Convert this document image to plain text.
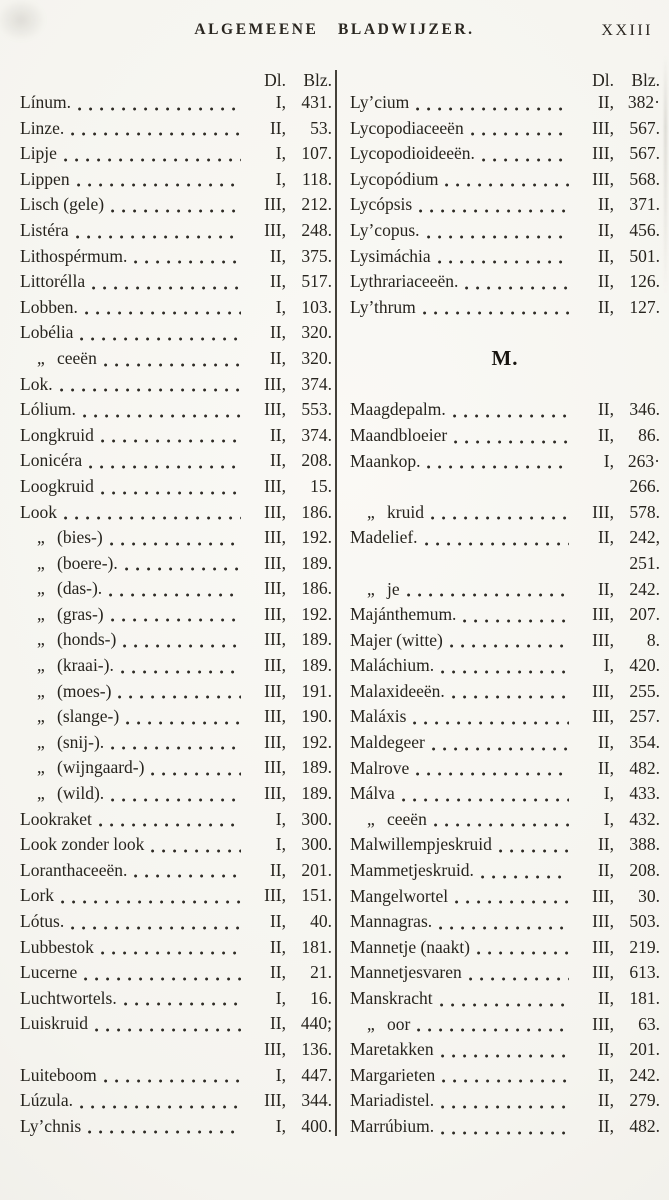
ALGEMEENE BLADWIJZER.	XXIII
Dl. Blz.
Línum.	I, 431.
Linze.	II,	53.
Lipje	I, 107.
Lippen	I, 118.
Lisch (gele)	III, 212.
Listéra	III, 248.
Lithospérmum.	II, 375.
Littorélla	II, 517.
Lobben.	I, 103.
Lobélia	II, 320.
„ ceeën	II, 320.
Lok.	III, 374.
Lólium.	III, 553.
Longkruid	II, 374.
Lonicéra	II, 208.
Loogkruid	III,	15.
Look	III, 186.
„ (bies-)	III, 192.
„ (boere-).	III, 189.
„ (das-).	III, 186.
„ (gras-)	III, 192.
„ (honds-)	III, 189.
„ (kraai-).	III, 189.
„ (moes-)	III, 191.
„ (slange-)	III, 190.
„ (snij-).	III, 192.
„ (wijngaard-)	III, 189.
„ (wild).	III, 189.
Lookraket	I, 300.
Look zonder look	I, 300.
Loranthaceeën.	II, 201.
Lork	III, 151.
Lótus.	II,	40.
Lubbestok	II, 181.
Lucerne	II,	21.
Luchtwortels.	I,	16.
Luiskruid	II, 440;
III, 136.
Luiteboom	I, 447.
Lúzula.	III, 344.
Ly’chnis	I, 400.
Dl. Blz.
Ly’cium	II, 382·
Lycopodiaceeën	III, 567.
Lycopodioideeën.	III, 567.
Lycopódium	III, 568.
Lycópsis	II, 371.
Ly’copus.	II, 456.
Lysimáchia	II, 501.
Lythrariaceeën.	II, 126.
Ly’thrum	II, 127.
M.
Maagdepalm.	II, 346.
Maandbloeier	II,	86.
Maankop.	I, 263·
266.
„ kruid	III, 578.
Madelief.	II, 242,
251.
„ je	II, 242.
Majánthemum.	III, 207.
Majer (witte)	III,	8.
Maláchium.	I, 420.
Malaxideeën.	III, 255.
Maláxis	III, 257.
Maldegeer	II, 354.
Malrove	II, 482.
Málva	I, 433.
„ ceeën	I, 432.
Malwillempjeskruid	II, 388.
Mammetjeskruid.	II, 208.
Mangelwortel	III,	30.
Mannagras.	III, 503.
Mannetje (naakt)	III, 219.
Mannetjesvaren	III, 613.
Manskracht	II, 181.
„ oor	III,	63.
Maretakken	II, 201.
Margarieten	II, 242.
Mariadistel.	II, 279.
Marrúbium.	II, 482.
